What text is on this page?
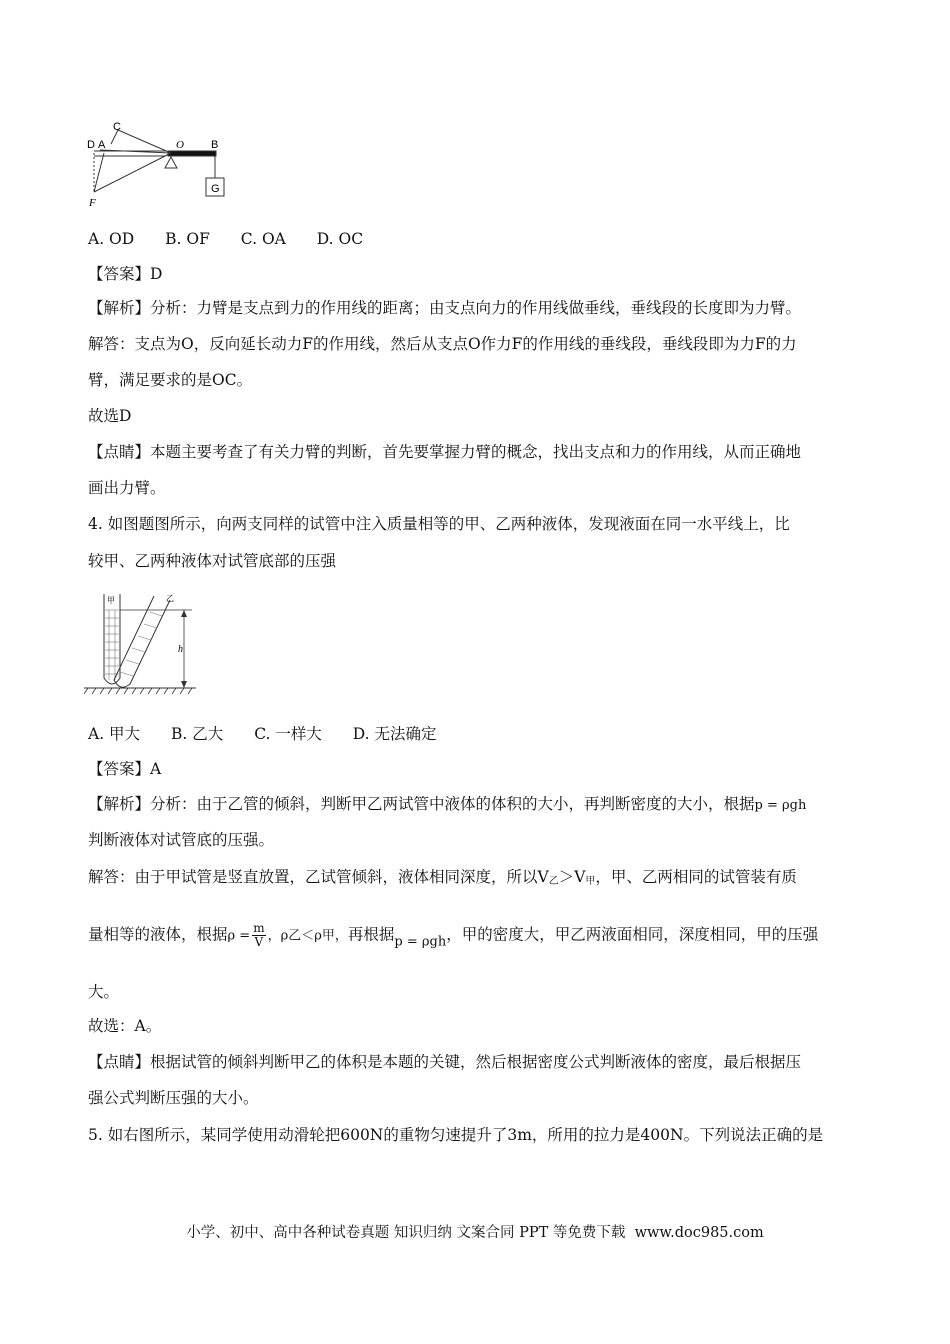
C
D A	O B
F
G
A. OD B. OF C. OA D. OC
【答案】D
【解析】分析：力臂是支点到力的作用线的距离；由支点向力的作用线做垂线，垂线段的长度即为力臂。
解答：支点为O，反向延长动力F的作用线，然后从支点O作力F的作用线的垂线段，垂线段即为力F的力
臂，满足要求的是OC。
故选D
【点睛】本题主要考查了有关力臂的判断，首先要掌握力臂的概念，找出支点和力的作用线，从而正确地
画出力臂。
4. 如图题图所示，向两支同样的试管中注入质量相等的甲、乙两种液体，发现液面在同一水平线上，比
较甲、乙两种液体对试管底部的压强
甲	乙
h
A. 甲大 B. 乙大 C. 一样大 D. 无法确定
【答案】A
【解析】分析：由于乙管的倾斜，判断甲乙两试管中液体的体积的大小，再判断密度的大小，根据p = ρgh
判断液体对试管底的压强。
解答：由于甲试管是竖直放置，乙试管倾斜，液体相同深度，所以$V_乙>V_甲$，甲、乙两相同的试管装有质
量相等的液体，根据$\rho = \frac{m}{V}$ ，ρ乙＜ρ甲，再根据$_{p = \rho gh}$，甲的密度大，甲乙两液面相同，深度相同，甲的压强
大。
故选：A。
【点睛】根据试管的倾斜判断甲乙的体积是本题的关键，然后根据密度公式判断液体的密度，最后根据压
强公式判断压强的大小。
5. 如右图所示，某同学使用动滑轮把600N的重物匀速提升了3m，所用的拉力是400N。下列说法正确的是
小学、初中、高中各种试卷真题 知识归纳 文案合同 PPT 等免费下载 www.doc985.com
